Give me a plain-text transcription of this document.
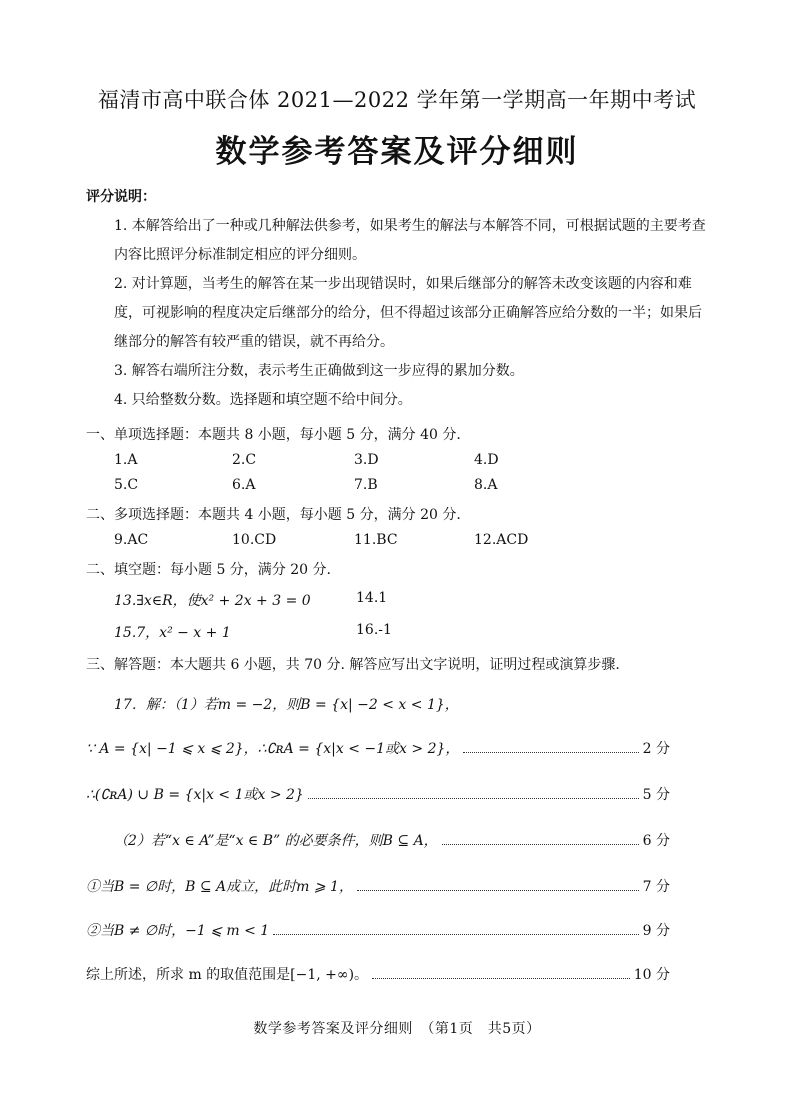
福清市高中联合体 2021—2022 学年第一学期高一年期中考试
数学参考答案及评分细则
评分说明：
1. 本解答给出了一种或几种解法供参考，如果考生的解法与本解答不同，可根据试题的主要考查内容比照评分标准制定相应的评分细则。
2. 对计算题，当考生的解答在某一步出现错误时，如果后继部分的解答未改变该题的内容和难度，可视影响的程度决定后继部分的给分，但不得超过该部分正确解答应给分数的一半；如果后继部分的解答有较严重的错误，就不再给分。
3. 解答右端所注分数，表示考生正确做到这一步应得的累加分数。
4. 只给整数分数。选择题和填空题不给中间分。
一、单项选择题：本题共 8 小题，每小题 5 分，满分 40 分.
1.A	2.C	3.D	4.D
5.C	6.A	7.B	8.A
二、多项选择题：本题共 4 小题，每小题 5 分，满分 20 分.
9.AC	10.CD	11.BC	12.ACD
二、填空题：每小题 5 分，满分 20 分.
13.∃x∈R，使x² + 2x + 3 = 0	14.1
15.7，x² − x + 1	16.‑1
三、解答题：本大题共 6 小题，共 70 分. 解答应写出文字说明，证明过程或演算步骤.
17．解：（1）若m = −2，则B = {x| −2 < x < 1}，
∵ A = {x| −1 ⩽ x ⩽ 2}，∴∁ʀA = {x|x < −1或x > 2}，	2 分
∴(∁ʀA) ∪ B = {x|x < 1或x > 2}	5 分
（2）若“x ∈ A”是“x ∈ B” 的必要条件，则B ⊆ A，	6 分
①当B = ∅时，B ⊆ A成立，此时m ⩾ 1，	7 分
②当B ≠ ∅时，−1 ⩽ m < 1	9 分
综上所述，所求 m 的取值范围是[−1, +∞)。	10 分
数学参考答案及评分细则　（第1页　共5页）
